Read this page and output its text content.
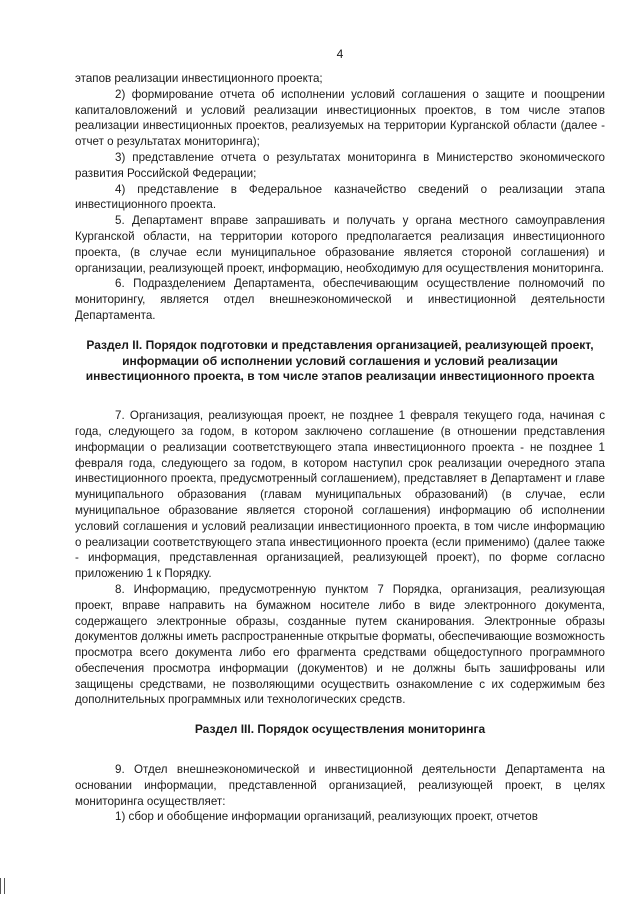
4

этапов реализации инвестиционного проекта;

2) формирование отчета об исполнении условий соглашения о защите и поощрении капиталовложений и условий реализации инвестиционных проектов, в том числе этапов реализации инвестиционных проектов, реализуемых на территории Курганской области (далее - отчет о результатах мониторинга);

3) представление отчета о результатах мониторинга в Министерство экономического развития Российской Федерации;

4) представление в Федеральное казначейство сведений о реализации этапа инвестиционного проекта.

5. Департамент вправе запрашивать и получать у органа местного самоуправления Курганской области, на территории которого предполагается реализация инвестиционного проекта, (в случае если муниципальное образование является стороной соглашения) и организации, реализующей проект, информацию, необходимую для осуществления мониторинга.

6. Подразделением Департамента, обеспечивающим осуществление полномочий по мониторингу, является отдел внешнеэкономической и инвестиционной деятельности Департамента.

Раздел II. Порядок подготовки и представления организацией, реализующей проект, информации об исполнении условий соглашения и условий реализации инвестиционного проекта, в том числе этапов реализации инвестиционного проекта

7. Организация, реализующая проект, не позднее 1 февраля текущего года, начиная с года, следующего за годом, в котором заключено соглашение (в отношении представления информации о реализации соответствующего этапа инвестиционного проекта - не позднее 1 февраля года, следующего за годом, в котором наступил срок реализации очередного этапа инвестиционного проекта, предусмотренный соглашением), представляет в Департамент и главе муниципального образования (главам муниципальных образований) (в случае, если муниципальное образование является стороной соглашения) информацию об исполнении условий соглашения и условий реализации инвестиционного проекта, в том числе информацию о реализации соответствующего этапа инвестиционного проекта (если применимо) (далее также - информация, представленная организацией, реализующей проект), по форме согласно приложению 1 к Порядку.

8. Информацию, предусмотренную пунктом 7 Порядка, организация, реализующая проект, вправе направить на бумажном носителе либо в виде электронного документа, содержащего электронные образы, созданные путем сканирования. Электронные образы документов должны иметь распространенные открытые форматы, обеспечивающие возможность просмотра всего документа либо его фрагмента средствами общедоступного программного обеспечения просмотра информации (документов) и не должны быть зашифрованы или защищены средствами, не позволяющими осуществить ознакомление с их содержимым без дополнительных программных или технологических средств.

Раздел III. Порядок осуществления мониторинга

9. Отдел внешнеэкономической и инвестиционной деятельности Департамента на основании информации, представленной организацией, реализующей проект, в целях мониторинга осуществляет:

1) сбор и обобщение информации организаций, реализующих проект, отчетов
